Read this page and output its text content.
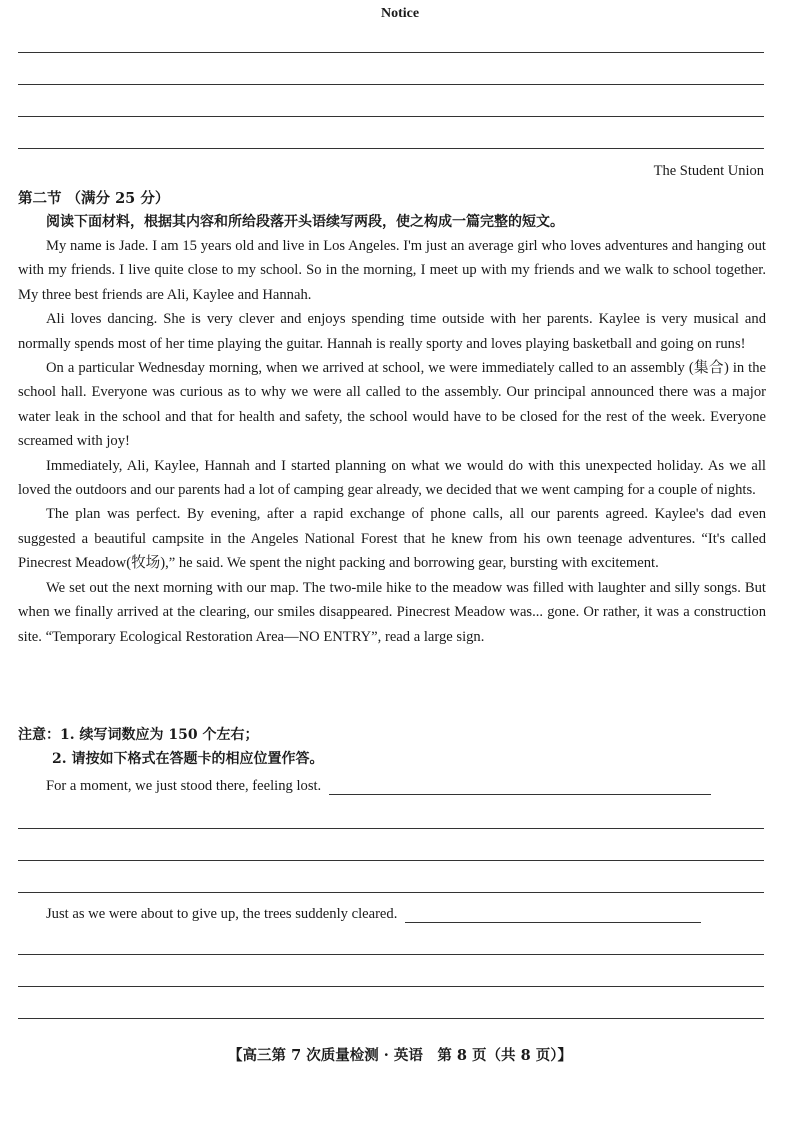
Notice
The Student Union
第二节 （满分 25 分）
阅读下面材料，根据其内容和所给段落开头语续写两段，使之构成一篇完整的短文。

My name is Jade. I am 15 years old and live in Los Angeles. I'm just an average girl who loves adventures and hanging out with my friends. I live quite close to my school. So in the morning, I meet up with my friends and we walk to school together. My three best friends are Ali, Kaylee and Hannah.

Ali loves dancing. She is very clever and enjoys spending time outside with her parents. Kaylee is very musical and normally spends most of her time playing the guitar. Hannah is really sporty and loves playing basketball and going on runs!

On a particular Wednesday morning, when we arrived at school, we were immediately called to an assembly (集合) in the school hall. Everyone was curious as to why we were all called to the assembly. Our principal announced there was a major water leak in the school and that for health and safety, the school would have to be closed for the rest of the week. Everyone screamed with joy!

Immediately, Ali, Kaylee, Hannah and I started planning on what we would do with this unexpected holiday. As we all loved the outdoors and our parents had a lot of camping gear already, we decided that we went camping for a couple of nights.

The plan was perfect. By evening, after a rapid exchange of phone calls, all our parents agreed. Kaylee's dad even suggested a beautiful campsite in the Angeles National Forest that he knew from his own teenage adventures. “It's called Pinecrest Meadow(牧场),” he said. We spent the night packing and borrowing gear, bursting with excitement.

We set out the next morning with our map. The two-mile hike to the meadow was filled with laughter and silly songs. But when we finally arrived at the clearing, our smiles disappeared. Pinecrest Meadow was... gone. Or rather, it was a construction site. “Temporary Ecological Restoration Area—NO ENTRY”, read a large sign.

注意：1. 续写词数应为 150 个左右；
2. 请按如下格式在答题卡的相应位置作答。
For a moment, we just stood there, feeling lost.
Just as we were about to give up, the trees suddenly cleared.
【高三第 7 次质量检测 · 英语　第 8 页（共 8 页）】
